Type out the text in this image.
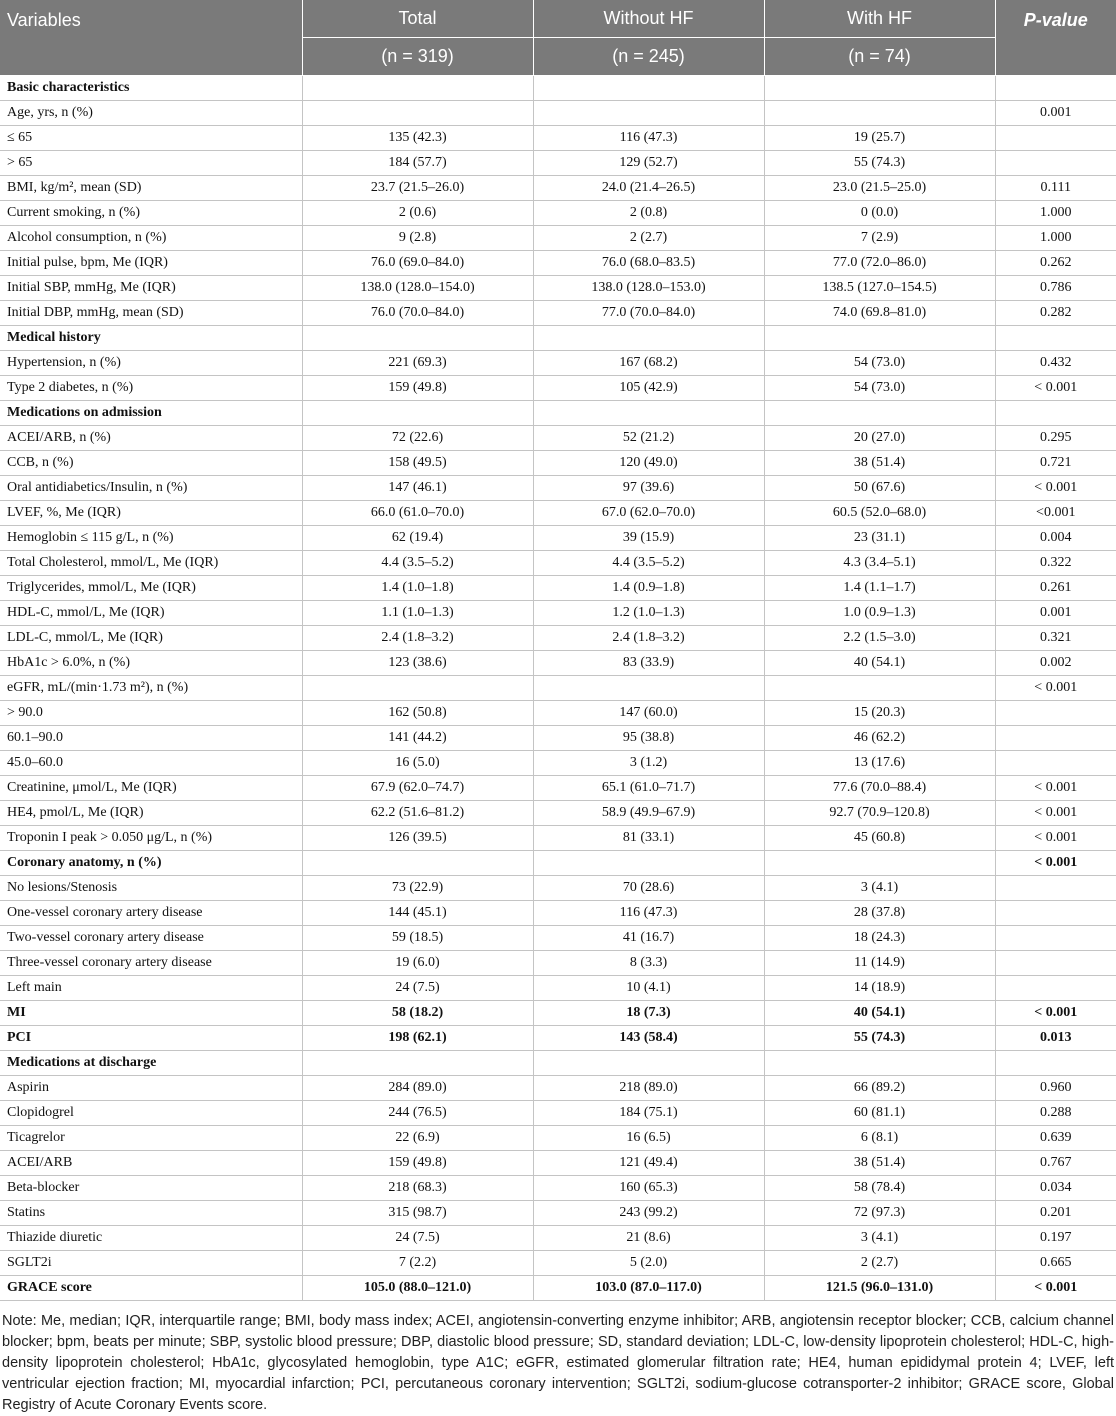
Variables	Total	Without HF	With HF	P-value
	(n = 319)	(n = 245)	(n = 74)	
Basic characteristics				
Age, yrs, n (%)				0.001
≤ 65	135 (42.3)	116 (47.3)	19 (25.7)	
> 65	184 (57.7)	129 (52.7)	55 (74.3)	
BMI, kg/m², mean (SD)	23.7 (21.5–26.0)	24.0 (21.4–26.5)	23.0 (21.5–25.0)	0.111
Current smoking, n (%)	2 (0.6)	2 (0.8)	0 (0.0)	1.000
Alcohol consumption, n (%)	9 (2.8)	2 (2.7)	7 (2.9)	1.000
Initial pulse, bpm, Me (IQR)	76.0 (69.0–84.0)	76.0 (68.0–83.5)	77.0 (72.0–86.0)	0.262
Initial SBP, mmHg, Me (IQR)	138.0 (128.0–154.0)	138.0 (128.0–153.0)	138.5 (127.0–154.5)	0.786
Initial DBP, mmHg, mean (SD)	76.0 (70.0–84.0)	77.0 (70.0–84.0)	74.0 (69.8–81.0)	0.282
Medical history				
Hypertension, n (%)	221 (69.3)	167 (68.2)	54 (73.0)	0.432
Type 2 diabetes, n (%)	159 (49.8)	105 (42.9)	54 (73.0)	< 0.001
Medications on admission				
ACEI/ARB, n (%)	72 (22.6)	52 (21.2)	20 (27.0)	0.295
CCB, n (%)	158 (49.5)	120 (49.0)	38 (51.4)	0.721
Oral antidiabetics/Insulin, n (%)	147 (46.1)	97 (39.6)	50 (67.6)	< 0.001
LVEF, %, Me (IQR)	66.0 (61.0–70.0)	67.0 (62.0–70.0)	60.5 (52.0–68.0)	<0.001
Hemoglobin ≤ 115 g/L, n (%)	62 (19.4)	39 (15.9)	23 (31.1)	0.004
Total Cholesterol, mmol/L, Me (IQR)	4.4 (3.5–5.2)	4.4 (3.5–5.2)	4.3 (3.4–5.1)	0.322
Triglycerides, mmol/L, Me (IQR)	1.4 (1.0–1.8)	1.4 (0.9–1.8)	1.4 (1.1–1.7)	0.261
HDL-C, mmol/L, Me (IQR)	1.1 (1.0–1.3)	1.2 (1.0–1.3)	1.0 (0.9–1.3)	0.001
LDL-C, mmol/L, Me (IQR)	2.4 (1.8–3.2)	2.4 (1.8–3.2)	2.2 (1.5–3.0)	0.321
HbA1c > 6.0%, n (%)	123 (38.6)	83 (33.9)	40 (54.1)	0.002
eGFR, mL/(min·1.73 m²), n (%)				< 0.001
> 90.0	162 (50.8)	147 (60.0)	15 (20.3)	
60.1–90.0	141 (44.2)	95 (38.8)	46 (62.2)	
45.0–60.0	16 (5.0)	3 (1.2)	13 (17.6)	
Creatinine, μmol/L, Me (IQR)	67.9 (62.0–74.7)	65.1 (61.0–71.7)	77.6 (70.0–88.4)	< 0.001
HE4, pmol/L, Me (IQR)	62.2 (51.6–81.2)	58.9 (49.9–67.9)	92.7 (70.9–120.8)	< 0.001
Troponin I peak > 0.050 μg/L, n (%)	126 (39.5)	81 (33.1)	45 (60.8)	< 0.001
Coronary anatomy, n (%)				< 0.001
No lesions/Stenosis	73 (22.9)	70 (28.6)	3 (4.1)	
One-vessel coronary artery disease	144 (45.1)	116 (47.3)	28 (37.8)	
Two-vessel coronary artery disease	59 (18.5)	41 (16.7)	18 (24.3)	
Three-vessel coronary artery disease	19 (6.0)	8 (3.3)	11 (14.9)	
Left main	24 (7.5)	10 (4.1)	14 (18.9)	
MI	58 (18.2)	18 (7.3)	40 (54.1)	< 0.001
PCI	198 (62.1)	143 (58.4)	55 (74.3)	0.013
Medications at discharge				
Aspirin	284 (89.0)	218 (89.0)	66 (89.2)	0.960
Clopidogrel	244 (76.5)	184 (75.1)	60 (81.1)	0.288
Ticagrelor	22 (6.9)	16 (6.5)	6 (8.1)	0.639
ACEI/ARB	159 (49.8)	121 (49.4)	38 (51.4)	0.767
Beta-blocker	218 (68.3)	160 (65.3)	58 (78.4)	0.034
Statins	315 (98.7)	243 (99.2)	72 (97.3)	0.201
Thiazide diuretic	24 (7.5)	21 (8.6)	3 (4.1)	0.197
SGLT2i	7 (2.2)	5 (2.0)	2 (2.7)	0.665
GRACE score	105.0 (88.0–121.0)	103.0 (87.0–117.0)	121.5 (96.0–131.0)	< 0.001

Note: Me, median; IQR, interquartile range; BMI, body mass index; ACEI, angiotensin-converting enzyme inhibitor; ARB, angiotensin receptor blocker; CCB, calcium channel blocker; bpm, beats per minute; SBP, systolic blood pressure; DBP, diastolic blood pressure; SD, standard deviation; LDL-C, low-density lipoprotein cholesterol; HDL-C, high-density lipoprotein cholesterol; HbA1c, glycosylated hemoglobin, type A1C; eGFR, estimated glomerular filtration rate; HE4, human epididymal protein 4; LVEF, left ventricular ejection fraction; MI, myocardial infarction; PCI, percutaneous coronary intervention; SGLT2i, sodium-glucose cotransporter-2 inhibitor; GRACE score, Global Registry of Acute Coronary Events score.
